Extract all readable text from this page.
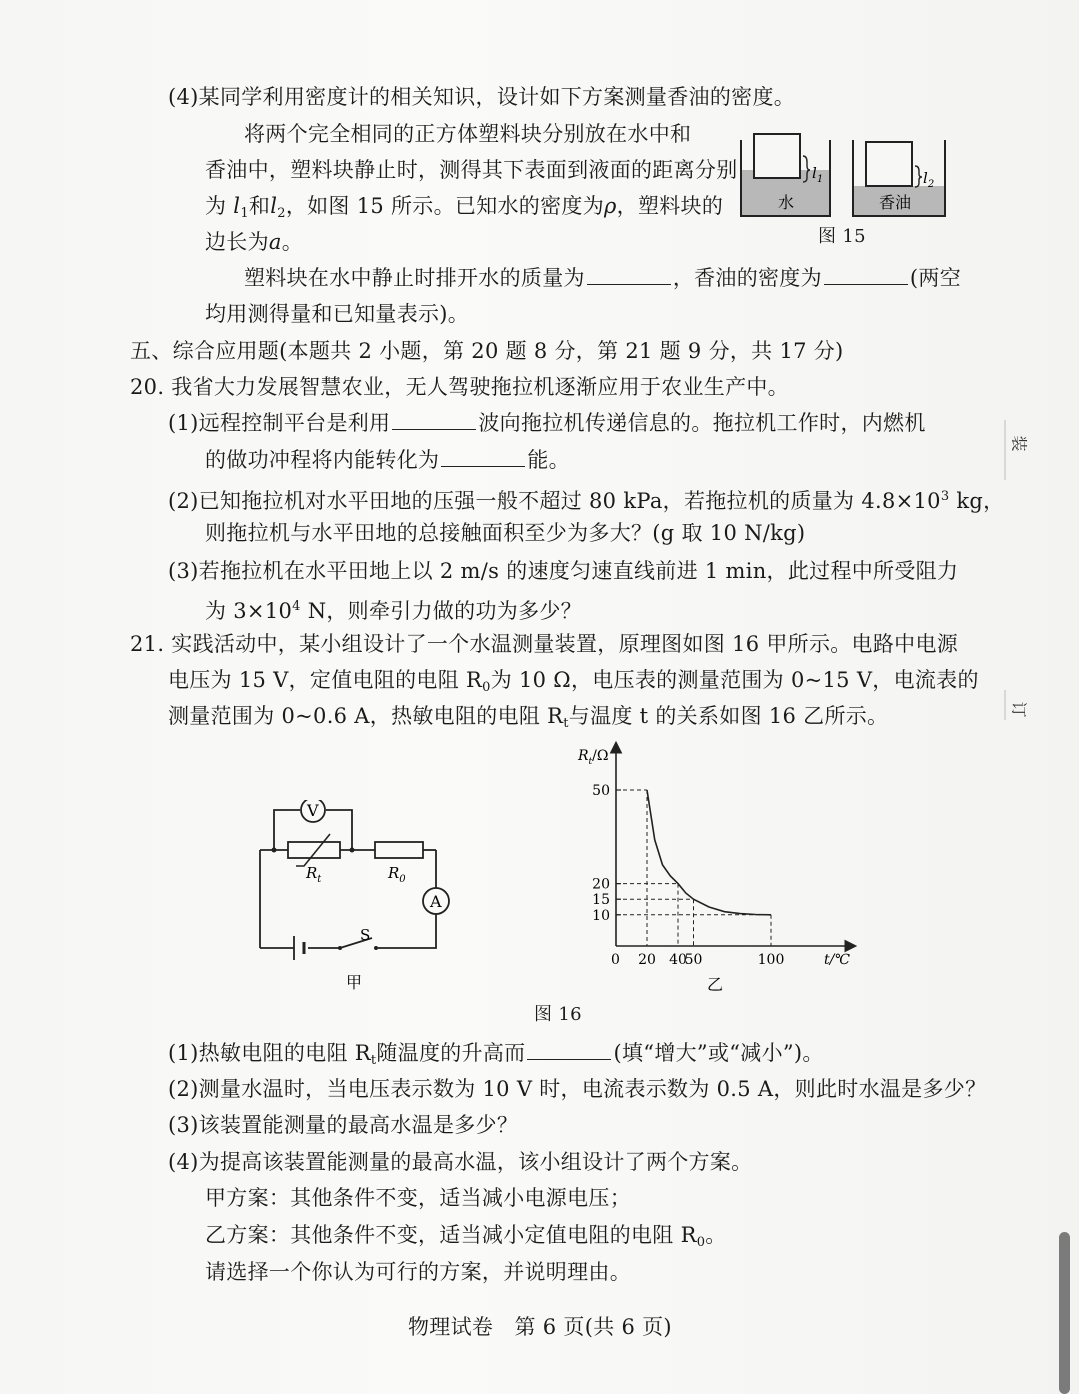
(4)某同学利用密度计的相关知识，设计如下方案测量香油的密度。
将两个完全相同的正方体塑料块分别放在水中和
香油中，塑料块静止时，测得其下表面到液面的距离分别
为 $l_1$和$l_2$，如图 15 所示。已知水的密度为ρ，塑料块的
边长为a。
塑料块在水中静止时排开水的质量为	，香油的密度为	(两空
均用测得量和已知量表示)。
$l_1$
水
$l_2$
香油
图 15
五、综合应用题(本题共 2 小题，第 20 题 8 分，第 21 题 9 分，共 17 分)
20. 我省大力发展智慧农业，无人驾驶拖拉机逐渐应用于农业生产中。
(1)远程控制平台是利用	波向拖拉机传递信息的。拖拉机工作时，内燃机
的做功冲程将内能转化为	能。
(2)已知拖拉机对水平田地的压强一般不超过 80 kPa，若拖拉机的质量为 $4.8\times 10^3$ kg，
则拖拉机与水平田地的总接触面积至少为多大？(g 取 10 N/kg)
(3)若拖拉机在水平田地上以 2 m/s 的速度匀速直线前进 1 min，此过程中所受阻力
为 $3\times 10^4$ N，则牵引力做的功为多少？
21. 实践活动中，某小组设计了一个水温测量装置，原理图如图 16 甲所示。电路中电源
电压为 15 V，定值电阻的电阻 $R_0$为 10 Ω，电压表的测量范围为 0~15 V，电流表的
测量范围为 0~0.6 A，热敏电阻的电阻 $R_t$与温度 t 的关系如图 16 乙所示。
V
$R_t$	$R_0$
A
S
甲
$R_t/\Omega$
t/℃
0
10
15
20
50
20 40
50	100
乙
图 16
(1)热敏电阻的电阻 $R_t$随温度的升高而	(填“增大”或“减小”)。
(2)测量水温时，当电压表示数为 10 V 时，电流表示数为 0.5 A，则此时水温是多少？
(3)该装置能测量的最高水温是多少？
(4)为提高该装置能测量的最高水温，该小组设计了两个方案。
甲方案：其他条件不变，适当减小电源电压；
乙方案：其他条件不变，适当减小定值电阻的电阻 $R_0$。
请选择一个你认为可行的方案，并说明理由。
物理试卷　第 6 页(共 6 页)
装
订
